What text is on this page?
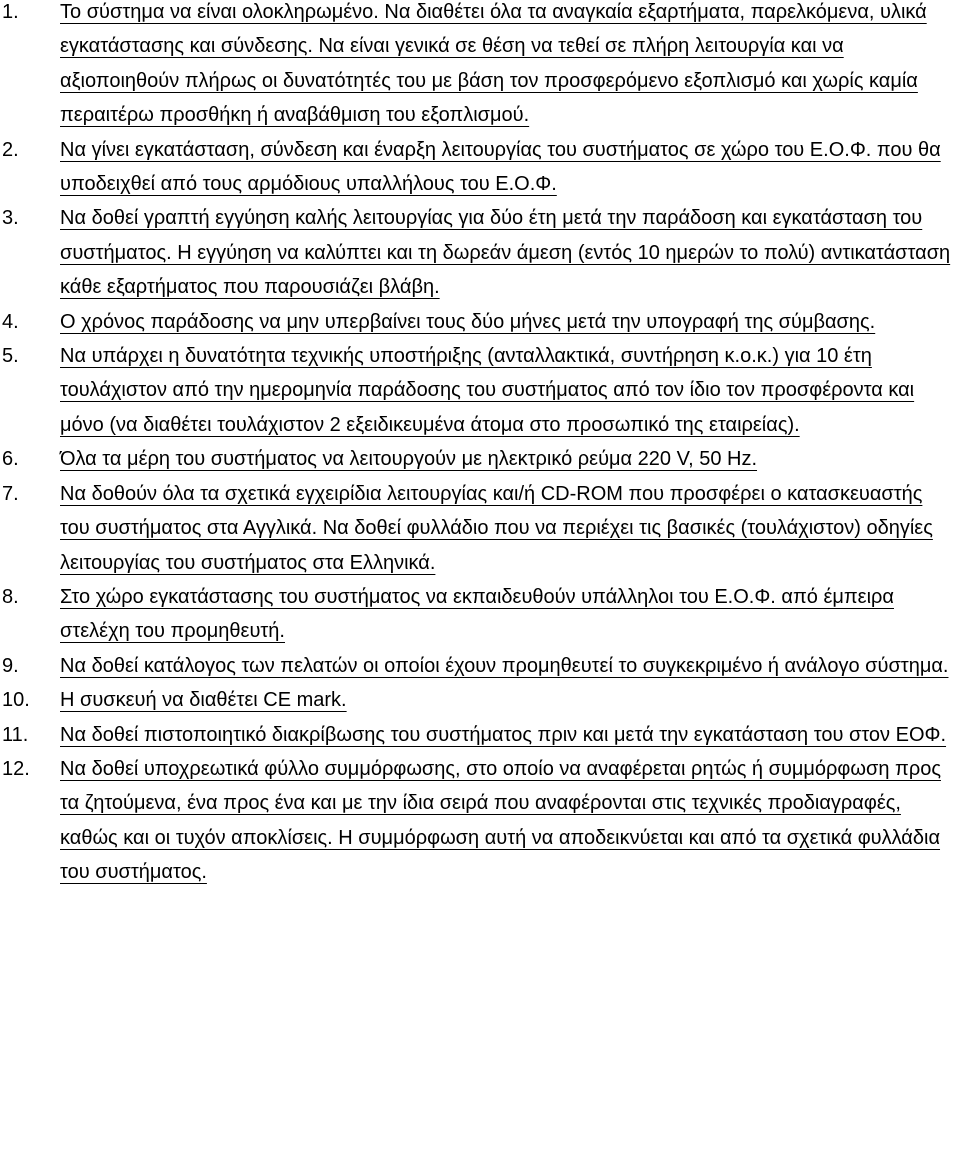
1. Το σύστημα να είναι ολοκληρωμένο. Να διαθέτει όλα τα αναγκαία εξαρτήματα, παρελκόμενα, υλικά εγκατάστασης και σύνδεσης. Να είναι γενικά σε θέση να τεθεί σε πλήρη λειτουργία και να αξιοποιηθούν πλήρως οι δυνατότητές του με βάση τον προσφερόμενο εξοπλισμό και χωρίς καμία περαιτέρω προσθήκη ή αναβάθμιση του εξοπλισμού.
2. Να γίνει εγκατάσταση, σύνδεση και έναρξη λειτουργίας του συστήματος σε χώρο του Ε.Ο.Φ. που θα υποδειχθεί από τους αρμόδιους υπαλλήλους του Ε.Ο.Φ.
3. Να δοθεί γραπτή εγγύηση καλής λειτουργίας για δύο έτη μετά την παράδοση και εγκατάσταση του συστήματος. Η εγγύηση να καλύπτει και τη δωρεάν άμεση (εντός 10 ημερών το πολύ) αντικατάσταση κάθε εξαρτήματος που παρουσιάζει βλάβη.
4. Ο χρόνος παράδοσης να μην υπερβαίνει τους δύο μήνες μετά την υπογραφή της σύμβασης.
5. Να υπάρχει η δυνατότητα τεχνικής υποστήριξης (ανταλλακτικά, συντήρηση κ.ο.κ.) για 10 έτη τουλάχιστον από την ημερομηνία παράδοσης του συστήματος από τον ίδιο τον προσφέροντα και μόνο (να διαθέτει τουλάχιστον 2 εξειδικευμένα άτομα στο προσωπικό της εταιρείας).
6. Όλα τα μέρη του συστήματος να λειτουργούν με ηλεκτρικό ρεύμα 220 V, 50 Hz.
7. Να δοθούν όλα τα σχετικά εγχειρίδια λειτουργίας και/ή CD-ROM που προσφέρει ο κατασκευαστής του συστήματος στα Αγγλικά. Να δοθεί φυλλάδιο που να περιέχει τις βασικές (τουλάχιστον) οδηγίες λειτουργίας του συστήματος στα Ελληνικά.
8. Στο χώρο εγκατάστασης του συστήματος να εκπαιδευθούν υπάλληλοι του Ε.Ο.Φ. από έμπειρα στελέχη του προμηθευτή.
9. Να δοθεί κατάλογος των πελατών οι οποίοι έχουν προμηθευτεί το συγκεκριμένο ή ανάλογο σύστημα.
10. Η συσκευή να διαθέτει CE mark.
11. Να δοθεί πιστοποιητικό διακρίβωσης του συστήματος πριν και μετά την εγκατάσταση του στον ΕΟΦ.
12. Να δοθεί υποχρεωτικά φύλλο συμμόρφωσης, στο οποίο να αναφέρεται ρητώς ή συμμόρφωση προς τα ζητούμενα, ένα προς ένα και με την ίδια σειρά που αναφέρονται στις τεχνικές προδιαγραφές, καθώς και οι τυχόν αποκλίσεις. Η συμμόρφωση αυτή να αποδεικνύεται και από τα σχετικά φυλλάδια του συστήματος.
